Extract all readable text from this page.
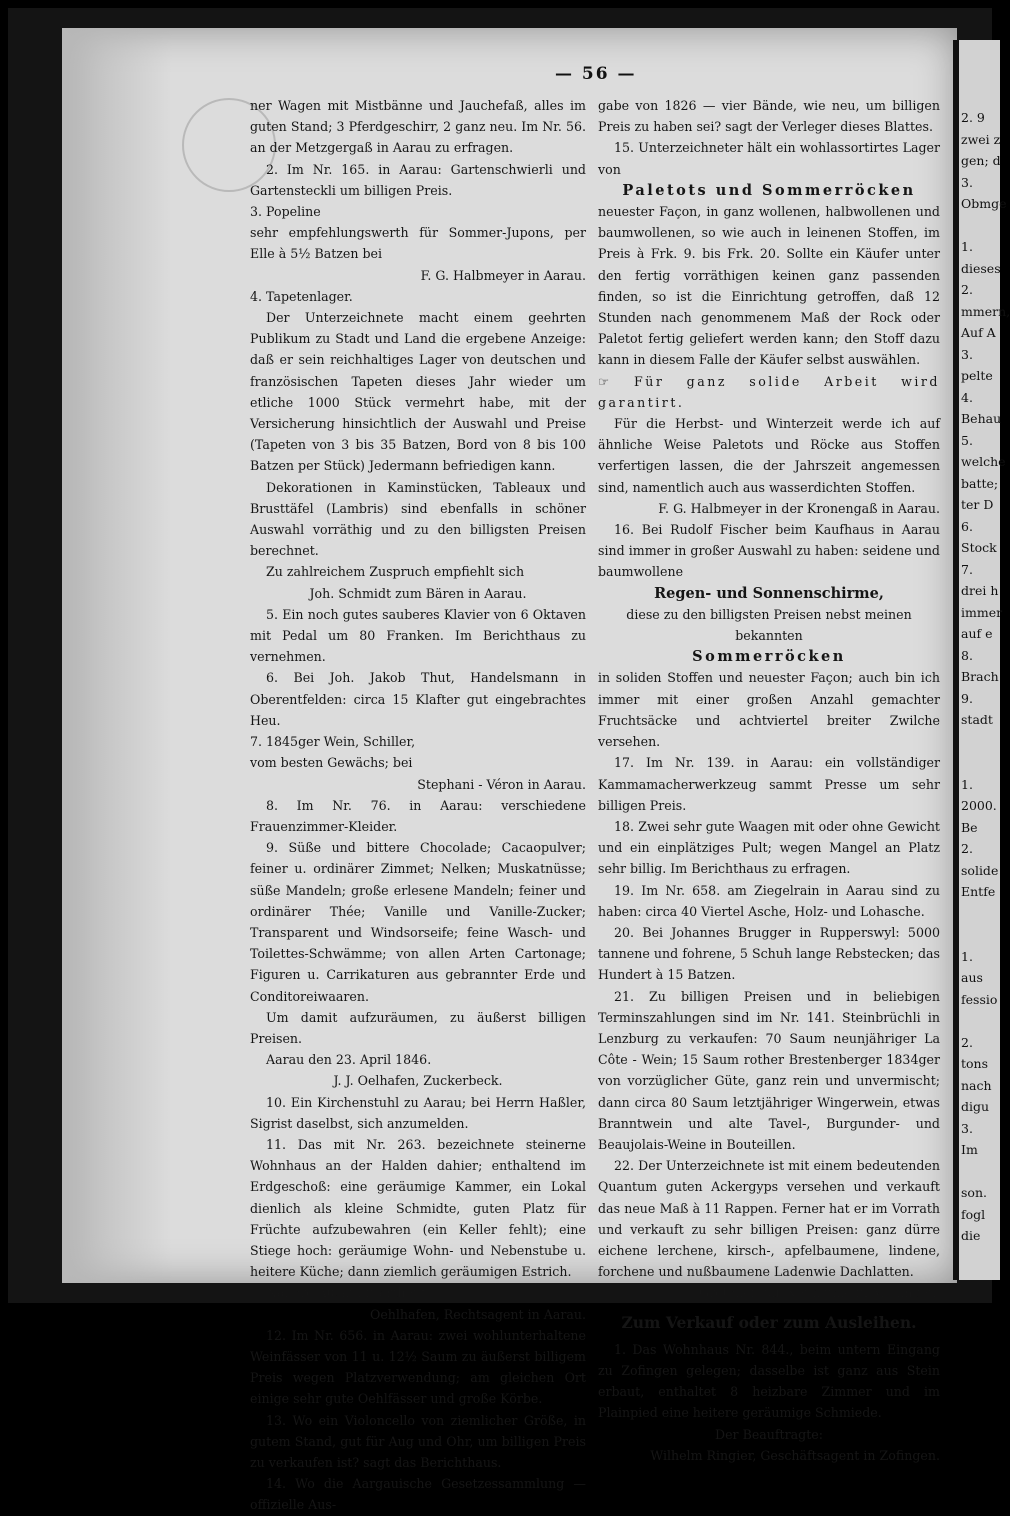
2. 9
zwei z
gen; d
3.
Obmge
1.
dieses
2.
mmern,
Auf A
3.
pelte
4.
Behau
5.
welche
batte;
ter D
6.
Stock
7.
drei h
immer
auf e
8.
Brach
9.
stadt
1.
2000.
Be
2.
solide
Entfe
1.
aus
fessio
2.
tons
nach
digu
3.
Im
son.
fogl
die
— 56 —

ner Wagen mit Mistbänne und Jauchefaß, alles im guten Stand; 3 Pferdgeschirr, 2 ganz neu. Im Nr. 56. an der Metzgergaß in Aarau zu erfragen.

2. Im Nr. 165. in Aarau: Gartenschwierli und Gartensteckli um billigen Preis.

3. Popeline

sehr empfehlungswerth für Sommer-Jupons, per Elle à 5½ Batzen bei

F. G. Halbmeyer in Aarau.

4. Tapetenlager.

Der Unterzeichnete macht einem geehrten Publikum zu Stadt und Land die ergebene Anzeige: daß er sein reichhaltiges Lager von deutschen und französischen Tapeten dieses Jahr wieder um etliche 1000 Stück vermehrt habe, mit der Versicherung hinsichtlich der Auswahl und Preise (Tapeten von 3 bis 35 Batzen, Bord von 8 bis 100 Batzen per Stück) Jedermann befriedigen kann.

Dekorationen in Kaminstücken, Tableaux und Brusttäfel (Lambris) sind ebenfalls in schöner Auswahl vorräthig und zu den billigsten Preisen berechnet.

Zu zahlreichem Zuspruch empfiehlt sich

Joh. Schmidt zum Bären in Aarau.

5. Ein noch gutes sauberes Klavier von 6 Oktaven mit Pedal um 80 Franken. Im Berichthaus zu vernehmen.

6. Bei Joh. Jakob Thut, Handelsmann in Oberentfelden: circa 15 Klafter gut eingebrachtes Heu.

7. 1845ger Wein, Schiller,

vom besten Gewächs; bei

Stephani - Véron in Aarau.

8. Im Nr. 76. in Aarau: verschiedene Frauenzimmer-Kleider.

9. Süße und bittere Chocolade; Cacaopulver; feiner u. ordinärer Zimmet; Nelken; Muskatnüsse; süße Mandeln; große erlesene Mandeln; feiner und ordinärer Thée; Vanille und Vanille-Zucker; Transparent und Windsorseife; feine Wasch- und Toilettes-Schwämme; von allen Arten Cartonage; Figuren u. Carrikaturen aus gebrannter Erde und Conditoreiwaaren.

Um damit aufzuräumen, zu äußerst billigen Preisen.

Aarau den 23. April 1846.

J. J. Oelhafen, Zuckerbeck.

10. Ein Kirchenstuhl zu Aarau; bei Herrn Haßler, Sigrist daselbst, sich anzumelden.

11. Das mit Nr. 263. bezeichnete steinerne Wohnhaus an der Halden dahier; enthaltend im Erdgeschoß: eine geräumige Kammer, ein Lokal dienlich als kleine Schmidte, guten Platz für Früchte aufzubewahren (ein Keller fehlt); eine Stiege hoch: geräumige Wohn- und Nebenstube u. heitere Küche; dann ziemlich geräumigen Estrich.

Nähere Auskunft ertheilt

Oehlhafen, Rechtsagent in Aarau.

12. Im Nr. 656. in Aarau: zwei wohlunterhaltene Weinfässer von 11 u. 12½ Saum zu äußerst billigem Preis wegen Platzverwendung; am gleichen Ort einige sehr gute Oehlfässer und große Körbe.

13. Wo ein Violoncello von ziemlicher Größe, in gutem Stand, gut für Aug und Ohr, um billigen Preis zu verkaufen ist? sagt das Berichthaus.

14. Wo die Aargauische Gesetzessammlung — offizielle Aus-

gabe von 1826 — vier Bände, wie neu, um billigen Preis zu haben sei? sagt der Verleger dieses Blattes.

15. Unterzeichneter hält ein wohlassortirtes Lager von

Paletots und Sommerröcken

neuester Façon, in ganz wollenen, halbwollenen und baumwollenen, so wie auch in leinenen Stoffen, im Preis à Frk. 9. bis Frk. 20. Sollte ein Käufer unter den fertig vorräthigen keinen ganz passenden finden, so ist die Einrichtung getroffen, daß 12 Stunden nach genommenem Maß der Rock oder Paletot fertig geliefert werden kann; den Stoff dazu kann in diesem Falle der Käufer selbst auswählen.

☞ Für ganz solide Arbeit wird garantirt.

Für die Herbst- und Winterzeit werde ich auf ähnliche Weise Paletots und Röcke aus Stoffen verfertigen lassen, die der Jahrszeit angemessen sind, namentlich auch aus wasserdichten Stoffen.

F. G. Halbmeyer in der Kronengaß in Aarau.

16. Bei Rudolf Fischer beim Kaufhaus in Aarau sind immer in großer Auswahl zu haben: seidene und baumwollene

Regen- und Sonnenschirme,

diese zu den billigsten Preisen nebst meinen bekannten

Sommerröcken

in soliden Stoffen und neuester Façon; auch bin ich immer mit einer großen Anzahl gemachter Fruchtsäcke und achtviertel breiter Zwilche versehen.

17. Im Nr. 139. in Aarau: ein vollständiger Kammamacherwerkzeug sammt Presse um sehr billigen Preis.

18. Zwei sehr gute Waagen mit oder ohne Gewicht und ein einplätziges Pult; wegen Mangel an Platz sehr billig. Im Berichthaus zu erfragen.

19. Im Nr. 658. am Ziegelrain in Aarau sind zu haben: circa 40 Viertel Asche, Holz- und Lohasche.

20. Bei Johannes Brugger in Rupperswyl: 5000 tannene und fohrene, 5 Schuh lange Rebstecken; das Hundert à 15 Batzen.

21. Zu billigen Preisen und in beliebigen Terminszahlungen sind im Nr. 141. Steinbrüchli in Lenzburg zu verkaufen: 70 Saum neunjähriger La Côte - Wein; 15 Saum rother Brestenberger 1834ger von vorzüglicher Güte, ganz rein und unvermischt; dann circa 80 Saum letztjähriger Wingerwein, etwas Branntwein und alte Tavel-, Burgunder- und Beaujolais-Weine in Bouteillen.

22. Der Unterzeichnete ist mit einem bedeutenden Quantum guten Ackergyps versehen und verkauft das neue Maß à 11 Rappen. Ferner hat er im Vorrath und verkauft zu sehr billigen Preisen: ganz dürre eichene lerchene, kirsch-, apfelbaumene, lindene, forchene und nußbaumene Ladenwie Dachlatten.

Gretener zur Neumühle in Mellingen.

Zum Verkauf oder zum Ausleihen.

1. Das Wohnhaus Nr. 844., beim untern Eingang zu Zofingen gelegen; dasselbe ist ganz aus Stein erbaut, enthaltet 8 heizbare Zimmer und im Plainpied eine heitere geräumige Schmiede.

Der Beauftragte:

Wilhelm Ringier, Geschäftsagent in Zofingen.
